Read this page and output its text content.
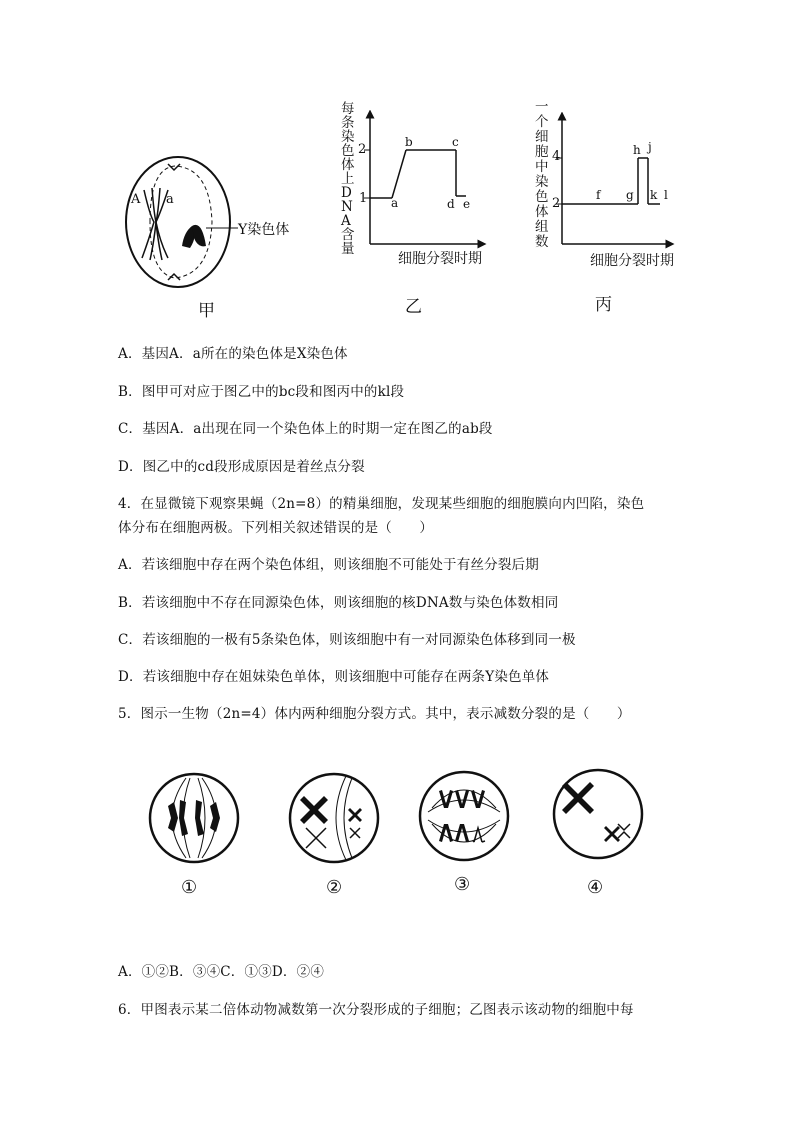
A a
Y染色体
甲
每条染色体上DNA含量
2
1 a
b	c
d e
细胞分裂时期
乙
一个细胞中染色体组数
4
2
f g
h j
k l
细胞分裂时期
丙
A．基因A．a所在的染色体是X染色体
B．图甲可对应于图乙中的bc段和图丙中的kl段
C．基因A．a出现在同一个染色体上的时期一定在图乙的ab段
D．图乙中的cd段形成原因是着丝点分裂
4．在显微镜下观察果蝇（2n=8）的精巢细胞，发现某些细胞的细胞膜向内凹陷，染色
体分布在细胞两极。下列相关叙述错误的是（　　）
A．若该细胞中存在两个染色体组，则该细胞不可能处于有丝分裂后期
B．若该细胞中不存在同源染色体，则该细胞的核DNA数与染色体数相同
C．若该细胞的一极有5条染色体，则该细胞中有一对同源染色体移到同一极
D．若该细胞中存在姐妹染色单体，则该细胞中可能存在两条Y染色单体
5．图示一生物（2n=4）体内两种细胞分裂方式。其中，表示减数分裂的是（　　）
①	②	③	④
A．①②B．③④C．①③D．②④
6．甲图表示某二倍体动物减数第一次分裂形成的子细胞；乙图表示该动物的细胞中每
